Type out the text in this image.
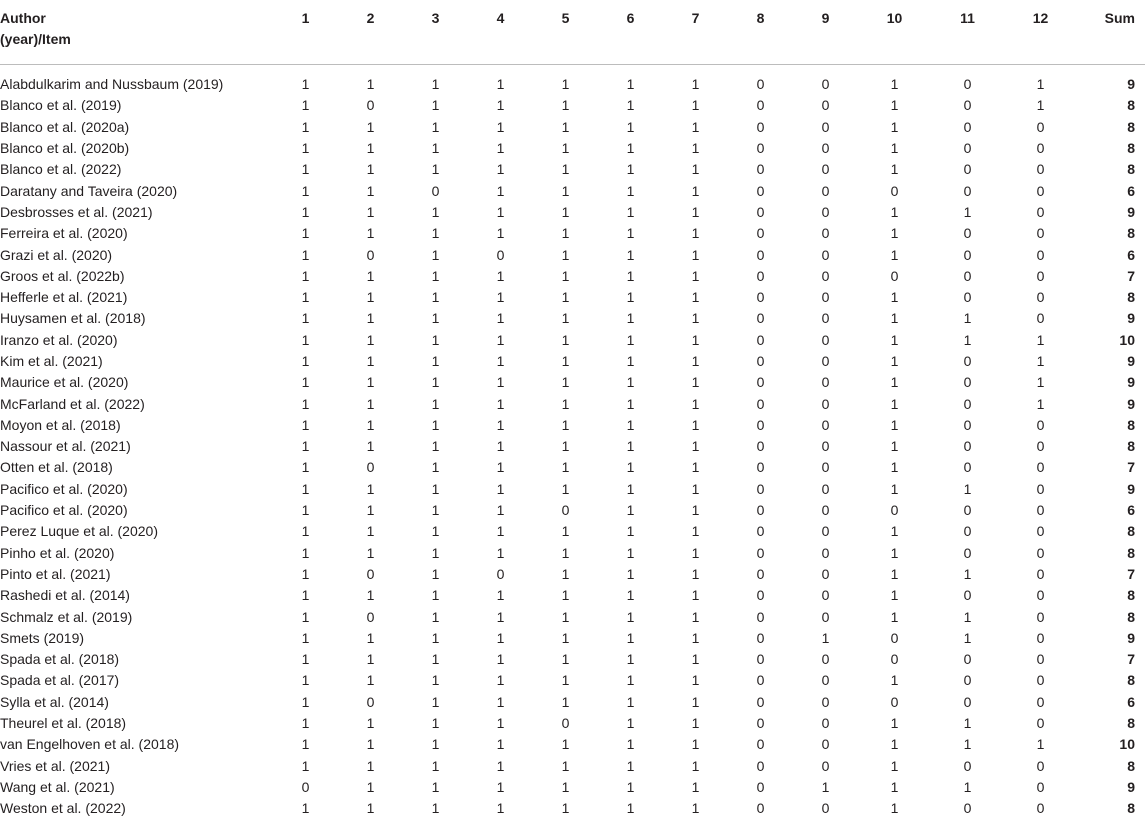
Author
(year)/Item	1	2	3	4	5	6	7	8	9	10	11	12	Sum
Alabdulkarim and Nussbaum (2019)	1	1	1	1	1	1	1	0	0	1	0	1	9
Blanco et al. (2019)	1	0	1	1	1	1	1	0	0	1	0	1	8
Blanco et al. (2020a)	1	1	1	1	1	1	1	0	0	1	0	0	8
Blanco et al. (2020b)	1	1	1	1	1	1	1	0	0	1	0	0	8
Blanco et al. (2022)	1	1	1	1	1	1	1	0	0	1	0	0	8
Daratany and Taveira (2020)	1	1	0	1	1	1	1	0	0	0	0	0	6
Desbrosses et al. (2021)	1	1	1	1	1	1	1	0	0	1	1	0	9
Ferreira et al. (2020)	1	1	1	1	1	1	1	0	0	1	0	0	8
Grazi et al. (2020)	1	0	1	0	1	1	1	0	0	1	0	0	6
Groos et al. (2022b)	1	1	1	1	1	1	1	0	0	0	0	0	7
Hefferle et al. (2021)	1	1	1	1	1	1	1	0	0	1	0	0	8
Huysamen et al. (2018)	1	1	1	1	1	1	1	0	0	1	1	0	9
Iranzo et al. (2020)	1	1	1	1	1	1	1	0	0	1	1	1	10
Kim et al. (2021)	1	1	1	1	1	1	1	0	0	1	0	1	9
Maurice et al. (2020)	1	1	1	1	1	1	1	0	0	1	0	1	9
McFarland et al. (2022)	1	1	1	1	1	1	1	0	0	1	0	1	9
Moyon et al. (2018)	1	1	1	1	1	1	1	0	0	1	0	0	8
Nassour et al. (2021)	1	1	1	1	1	1	1	0	0	1	0	0	8
Otten et al. (2018)	1	0	1	1	1	1	1	0	0	1	0	0	7
Pacifico et al. (2020)	1	1	1	1	1	1	1	0	0	1	1	0	9
Pacifico et al. (2020)	1	1	1	1	0	1	1	0	0	0	0	0	6
Perez Luque et al. (2020)	1	1	1	1	1	1	1	0	0	1	0	0	8
Pinho et al. (2020)	1	1	1	1	1	1	1	0	0	1	0	0	8
Pinto et al. (2021)	1	0	1	0	1	1	1	0	0	1	1	0	7
Rashedi et al. (2014)	1	1	1	1	1	1	1	0	0	1	0	0	8
Schmalz et al. (2019)	1	0	1	1	1	1	1	0	0	1	1	0	8
Smets (2019)	1	1	1	1	1	1	1	0	1	0	1	0	9
Spada et al. (2018)	1	1	1	1	1	1	1	0	0	0	0	0	7
Spada et al. (2017)	1	1	1	1	1	1	1	0	0	1	0	0	8
Sylla et al. (2014)	1	0	1	1	1	1	1	0	0	0	0	0	6
Theurel et al. (2018)	1	1	1	1	0	1	1	0	0	1	1	0	8
van Engelhoven et al. (2018)	1	1	1	1	1	1	1	0	0	1	1	1	10
Vries et al. (2021)	1	1	1	1	1	1	1	0	0	1	0	0	8
Wang et al. (2021)	0	1	1	1	1	1	1	0	1	1	1	0	9
Weston et al. (2022)	1	1	1	1	1	1	1	0	0	1	0	0	8
